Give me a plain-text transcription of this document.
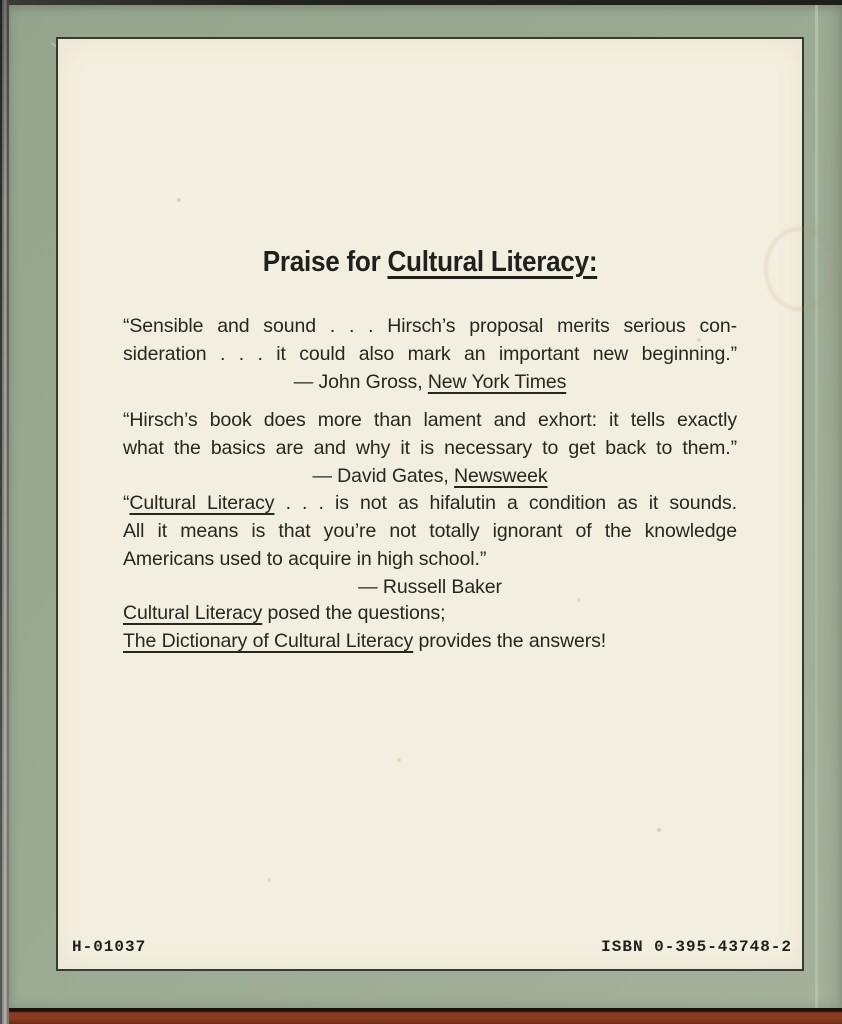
Praise for Cultural Literacy:
“Sensible and sound . . . Hirsch’s proposal merits serious con-
sideration . . . it could also mark an important new beginning.”
— John Gross, New York Times
“Hirsch’s book does more than lament and exhort: it tells exactly
what the basics are and why it is necessary to get back to them.”
— David Gates, Newsweek
“Cultural Literacy . . . is not as hifalutin a condition as it sounds.
All it means is that you’re not totally ignorant of the knowledge
Americans used to acquire in high school.”
— Russell Baker
Cultural Literacy posed the questions;
The Dictionary of Cultural Literacy provides the answers!
H-01037	ISBN 0-395-43748-2
